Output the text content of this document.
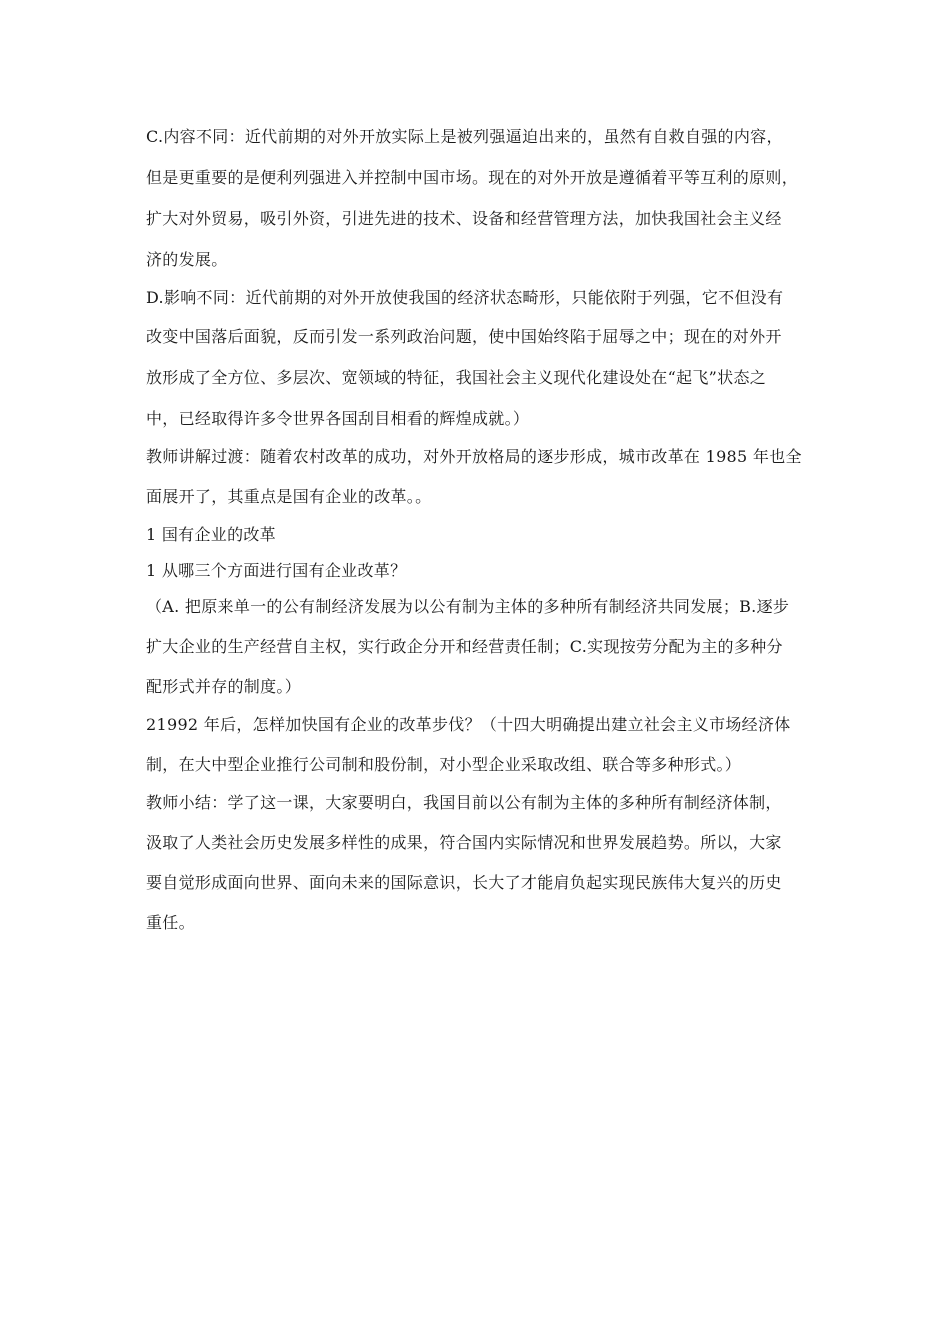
C.内容不同：近代前期的对外开放实际上是被列强逼迫出来的，虽然有自救自强的内容，
但是更重要的是便利列强进入并控制中国市场。现在的对外开放是遵循着平等互利的原则，
扩大对外贸易，吸引外资，引进先进的技术、设备和经营管理方法，加快我国社会主义经
济的发展。
D.影响不同：近代前期的对外开放使我国的经济状态畸形，只能依附于列强，它不但没有
改变中国落后面貌，反而引发一系列政治问题，使中国始终陷于屈辱之中；现在的对外开
放形成了全方位、多层次、宽领域的特征，我国社会主义现代化建设处在“起飞”状态之
中，已经取得许多令世界各国刮目相看的辉煌成就。）
教师讲解过渡：随着农村改革的成功，对外开放格局的逐步形成，城市改革在 1985 年也全
面展开了，其重点是国有企业的改革。。
1 国有企业的改革
1 从哪三个方面进行国有企业改革？
（A. 把原来单一的公有制经济发展为以公有制为主体的多种所有制经济共同发展；B.逐步
扩大企业的生产经营自主权，实行政企分开和经营责任制；C.实现按劳分配为主的多种分
配形式并存的制度。）
21992 年后，怎样加快国有企业的改革步伐？（十四大明确提出建立社会主义市场经济体
制，在大中型企业推行公司制和股份制，对小型企业采取改组、联合等多种形式。）
教师小结：学了这一课，大家要明白，我国目前以公有制为主体的多种所有制经济体制，
汲取了人类社会历史发展多样性的成果，符合国内实际情况和世界发展趋势。所以，大家
要自觉形成面向世界、面向未来的国际意识，长大了才能肩负起实现民族伟大复兴的历史
重任。
